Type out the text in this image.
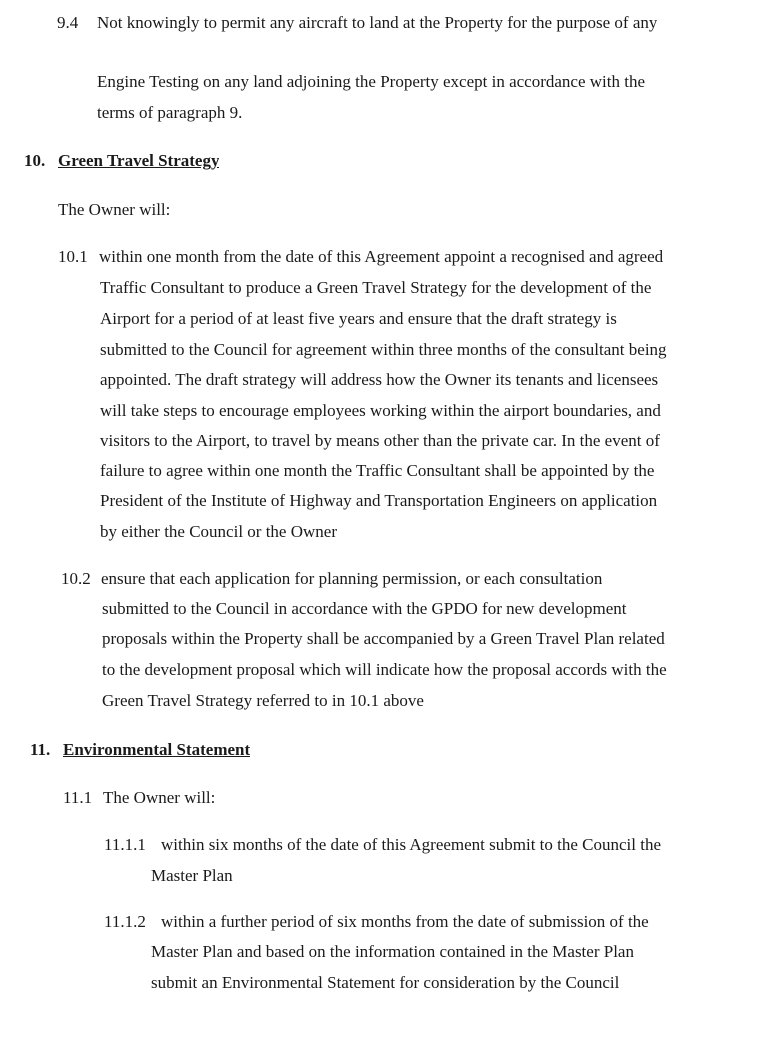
9.4 Not knowingly to permit any aircraft to land at the Property for the purpose of any
Engine Testing on any land adjoining the Property except in accordance with the
terms of paragraph 9.
10. Green Travel Strategy
The Owner will:
10.1 within one month from the date of this Agreement appoint a recognised and agreed
Traffic Consultant to produce a Green Travel Strategy for the development of the
Airport for a period of at least five years and ensure that the draft strategy is
submitted to the Council for agreement within three months of the consultant being
appointed. The draft strategy will address how the Owner its tenants and licensees
will take steps to encourage employees working within the airport boundaries, and
visitors to the Airport, to travel by means other than the private car. In the event of
failure to agree within one month the Traffic Consultant shall be appointed by the
President of the Institute of Highway and Transportation Engineers on application
by either the Council or the Owner
10.2 ensure that each application for planning permission, or each consultation
submitted to the Council in accordance with the GPDO for new development
proposals within the Property shall be accompanied by a Green Travel Plan related
to the development proposal which will indicate how the proposal accords with the
Green Travel Strategy referred to in 10.1 above
11. Environmental Statement
11.1 The Owner will:
11.1.1 within six months of the date of this Agreement submit to the Council the
Master Plan
11.1.2 within a further period of six months from the date of submission of the
Master Plan and based on the information contained in the Master Plan
submit an Environmental Statement for consideration by the Council
